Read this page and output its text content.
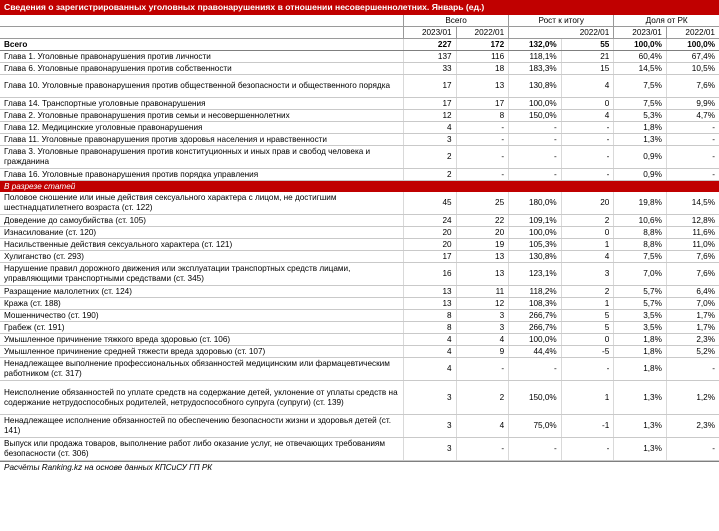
Сведения о зарегистрированных уголовных правонарушениях в отношении несовершеннолетних. Январь (ед.)
	Всего		Рост к итогу		Доля от РК	
	2023/01	2022/01	2022/01		2023/01	2022/01
Всего	227	172	132,0%	55	100,0%	100,0%
Глава 1. Уголовные правонарушения против личности	137	116	118,1%	21	60,4%	67,4%
Глава 6. Уголовные правонарушения против собственности	33	18	183,3%	15	14,5%	10,5%
Глава 10. Уголовные правонарушения против общественной безопасности и общественного порядка	17	13	130,8%	4	7,5%	7,6%
Глава 14. Транспортные уголовные правонарушения	17	17	100,0%	0	7,5%	9,9%
Глава 2. Уголовные правонарушения против семьи и несовершеннолетних	12	8	150,0%	4	5,3%	4,7%
Глава 12. Медицинские уголовные правонарушения	4	-	-	-	1,8%	-
Глава 11. Уголовные правонарушения против здоровья населения и нравственности	3	-	-	-	1,3%	-
Глава 3. Уголовные правонарушения против конституционных и иных прав и свобод человека и гражданина	2	-	-	-	0,9%	-
Глава 16. Уголовные правонарушения против порядка управления	2	-	-	-	0,9%	-
В разрезе статей						
Половое сношение или иные действия сексуального характера с лицом, не достигшим шестнадцатилетнего возраста (ст. 122)	45	25	180,0%	20	19,8%	14,5%
Доведение до самоубийства (ст. 105)	24	22	109,1%	2	10,6%	12,8%
Изнасилование (ст. 120)	20	20	100,0%	0	8,8%	11,6%
Насильственные действия сексуального характера (ст. 121)	20	19	105,3%	1	8,8%	11,0%
Хулиганство (ст. 293)	17	13	130,8%	4	7,5%	7,6%
Нарушение правил дорожного движения или эксплуатации транспортных средств лицами, управляющими транспортными средствами (ст. 345)	16	13	123,1%	3	7,0%	7,6%
Разращение малолетних (ст. 124)	13	11	118,2%	2	5,7%	6,4%
Кража (ст. 188)	13	12	108,3%	1	5,7%	7,0%
Мошенничество (ст. 190)	8	3	266,7%	5	3,5%	1,7%
Грабеж (ст. 191)	8	3	266,7%	5	3,5%	1,7%
Умышленное причинение тяжкого вреда здоровью (ст. 106)	4	4	100,0%	0	1,8%	2,3%
Умышленное причинение средней тяжести вреда здоровью (ст. 107)	4	9	44,4%	-5	1,8%	5,2%
Ненадлежащее выполнение профессиональных обязанностей медицинским или фармацевтическим работником (ст. 317)	4	-	-	-	1,8%	-
Неисполнение обязанностей по уплате средств на содержание детей, уклонение от уплаты средств на содержание нетрудоспособных родителей, нетрудоспособного супруга (супруги) (ст. 139)	3	2	150,0%	1	1,3%	1,2%
Ненадлежащее исполнение обязанностей по обеспечению безопасности жизни и здоровья детей (ст. 141)	3	4	75,0%	-1	1,3%	2,3%
Выпуск или продажа товаров, выполнение работ либо оказание услуг, не отвечающих требованиям безопасности (ст. 306)	3	-	-	-	1,3%	-
Расчёты Ranking.kz на основе данных КПСиСУ ГП РК
